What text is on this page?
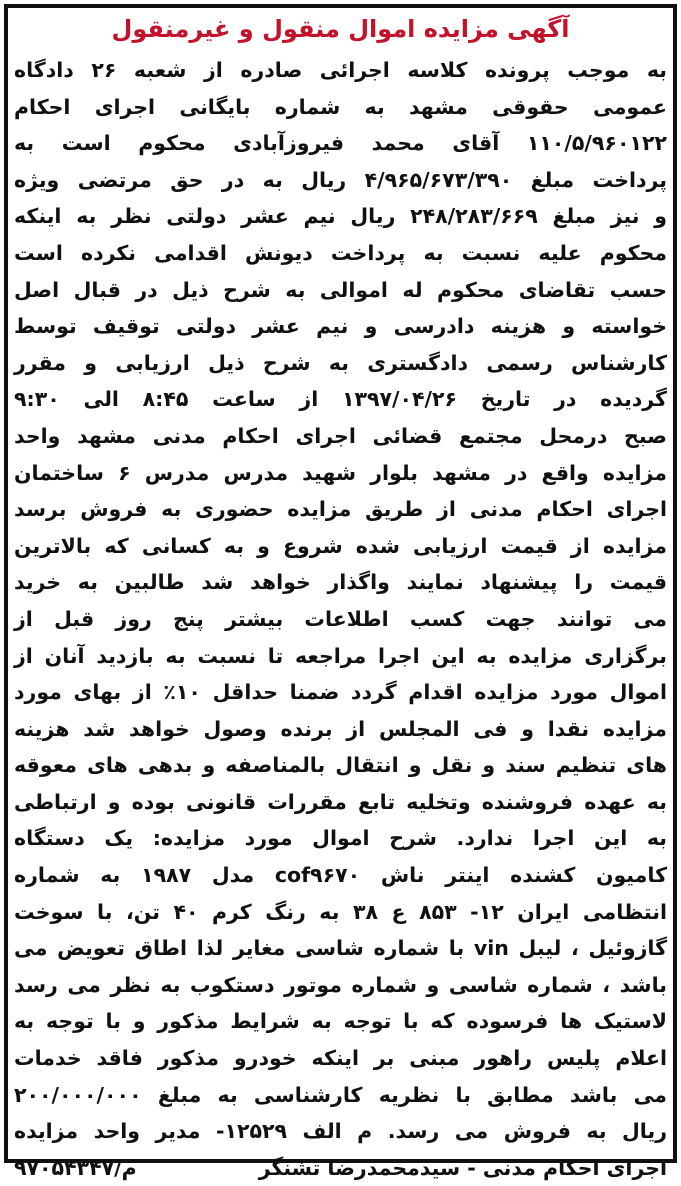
آگهی مزایده اموال منقول و غیرمنقول
به موجب پرونده کلاسه اجرائی صادره از شعبه ۲۶ دادگاه
عمومی حقوقی مشهد به شماره بایگانی اجرای احکام
۱۱۰/۵/۹۶۰۱۲۲ آقای محمد فیروزآبادی محکوم است به
پرداخت مبلغ ۴/۹۶۵/۶۷۳/۳۹۰ ریال به در حق مرتضی ویژه
و نیز مبلغ ۲۴۸/۲۸۳/۶۶۹ ریال نیم عشر دولتی نظر به اینکه
محکوم علیه نسبت به پرداخت دیونش اقدامی نکرده است
حسب تقاضای محکوم له اموالی به شرح ذیل در قبال اصل
خواسته و هزینه دادرسی و نیم عشر دولتی توقیف توسط
کارشناس رسمی دادگستری به شرح ذیل ارزیابی و مقرر
گردیده در تاریخ ۱۳۹۷/۰۴/۲۶ از ساعت ۸:۴۵ الی ۹:۳۰
صبح درمحل مجتمع قضائی اجرای احکام مدنی مشهد واحد
مزایده واقع در مشهد بلوار شهید مدرس مدرس ۶ ساختمان
اجرای احکام مدنی از طریق مزایده حضوری به فروش برسد
مزایده از قیمت ارزیابی شده شروع و به کسانی که بالاترین
قیمت را پیشنهاد نمایند واگذار خواهد شد طالبین به خرید
می توانند جهت کسب اطلاعات بیشتر پنج روز قبل از
برگزاری مزایده به این اجرا مراجعه تا نسبت به بازدید آنان از
اموال مورد مزایده اقدام گردد ضمنا حداقل ۱۰٪ از بهای مورد
مزایده نقدا و فی المجلس از برنده وصول خواهد شد هزینه
های تنظیم سند و نقل و انتقال بالمناصفه و بدهی های معوقه
به عهده فروشنده وتخلیه تابع مقررات قانونی بوده و ارتباطی
به این اجرا ندارد. شرح اموال مورد مزایده: یک دستگاه
کامیون کشنده اینتر ناش cof۹۶۷۰ مدل ۱۹۸۷ به شماره
انتظامی ایران ۱۲- ۸۵۳ ع ۳۸ به رنگ کرم ۴۰ تن، با سوخت
گازوئیل ، لیبل vin با شماره شاسی مغایر لذا اطاق تعویض می
باشد ، شماره شاسی و شماره موتور دستکوب به نظر می رسد
لاستیک ها فرسوده که با توجه به شرایط مذکور و با توجه به
اعلام پلیس راهور مبنی بر اینکه خودرو مذکور فاقد خدمات
می باشد مطابق با نظریه کارشناسی به مبلغ ۲۰۰/۰۰۰/۰۰۰
ریال به فروش می رسد. م الف ۱۲۵۲۹- مدیر واحد مزایده
اجرای احکام مدنی - سیدمحمدرضا تشنگر
م/۹۷۰۵۴۳۴۷
